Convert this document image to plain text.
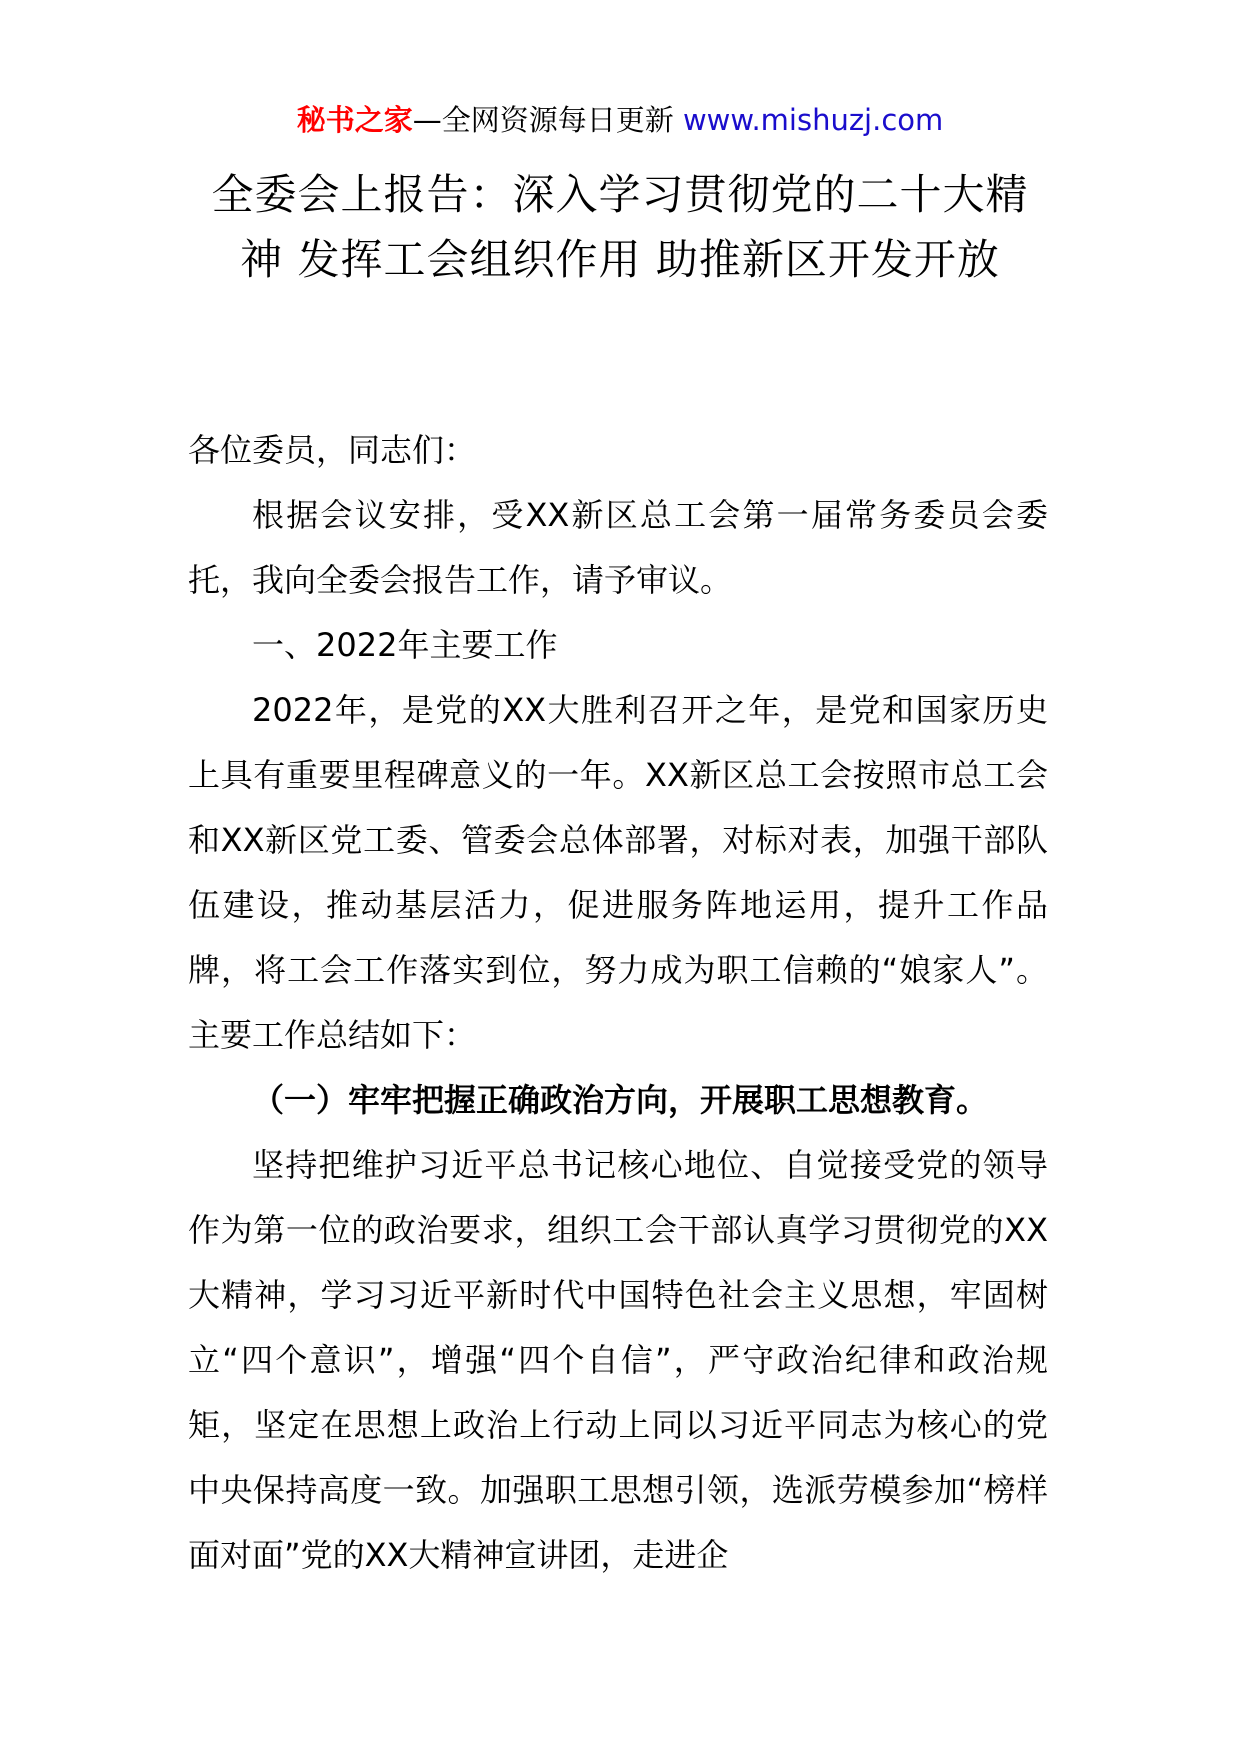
秘书之家—全网资源每日更新 www.mishuzj.com
全委会上报告：深入学习贯彻党的二十大精神 发挥工会组织作用 助推新区开发开放
各位委员，同志们：
根据会议安排，受XX新区总工会第一届常务委员会委托，我向全委会报告工作，请予审议。
一、2022年主要工作
2022年，是党的XX大胜利召开之年，是党和国家历史上具有重要里程碑意义的一年。XX新区总工会按照市总工会和XX新区党工委、管委会总体部署，对标对表，加强干部队伍建设，推动基层活力，促进服务阵地运用，提升工作品牌，将工会工作落实到位，努力成为职工信赖的“娘家人”。主要工作总结如下：
（一）牢牢把握正确政治方向，开展职工思想教育。
坚持把维护习近平总书记核心地位、自觉接受党的领导作为第一位的政治要求，组织工会干部认真学习贯彻党的XX大精神，学习习近平新时代中国特色社会主义思想，牢固树立“四个意识”，增强“四个自信”，严守政治纪律和政治规矩，坚定在思想上政治上行动上同以习近平同志为核心的党中央保持高度一致。加强职工思想引领，选派劳模参加“榜样面对面”党的XX大精神宣讲团，走进企
